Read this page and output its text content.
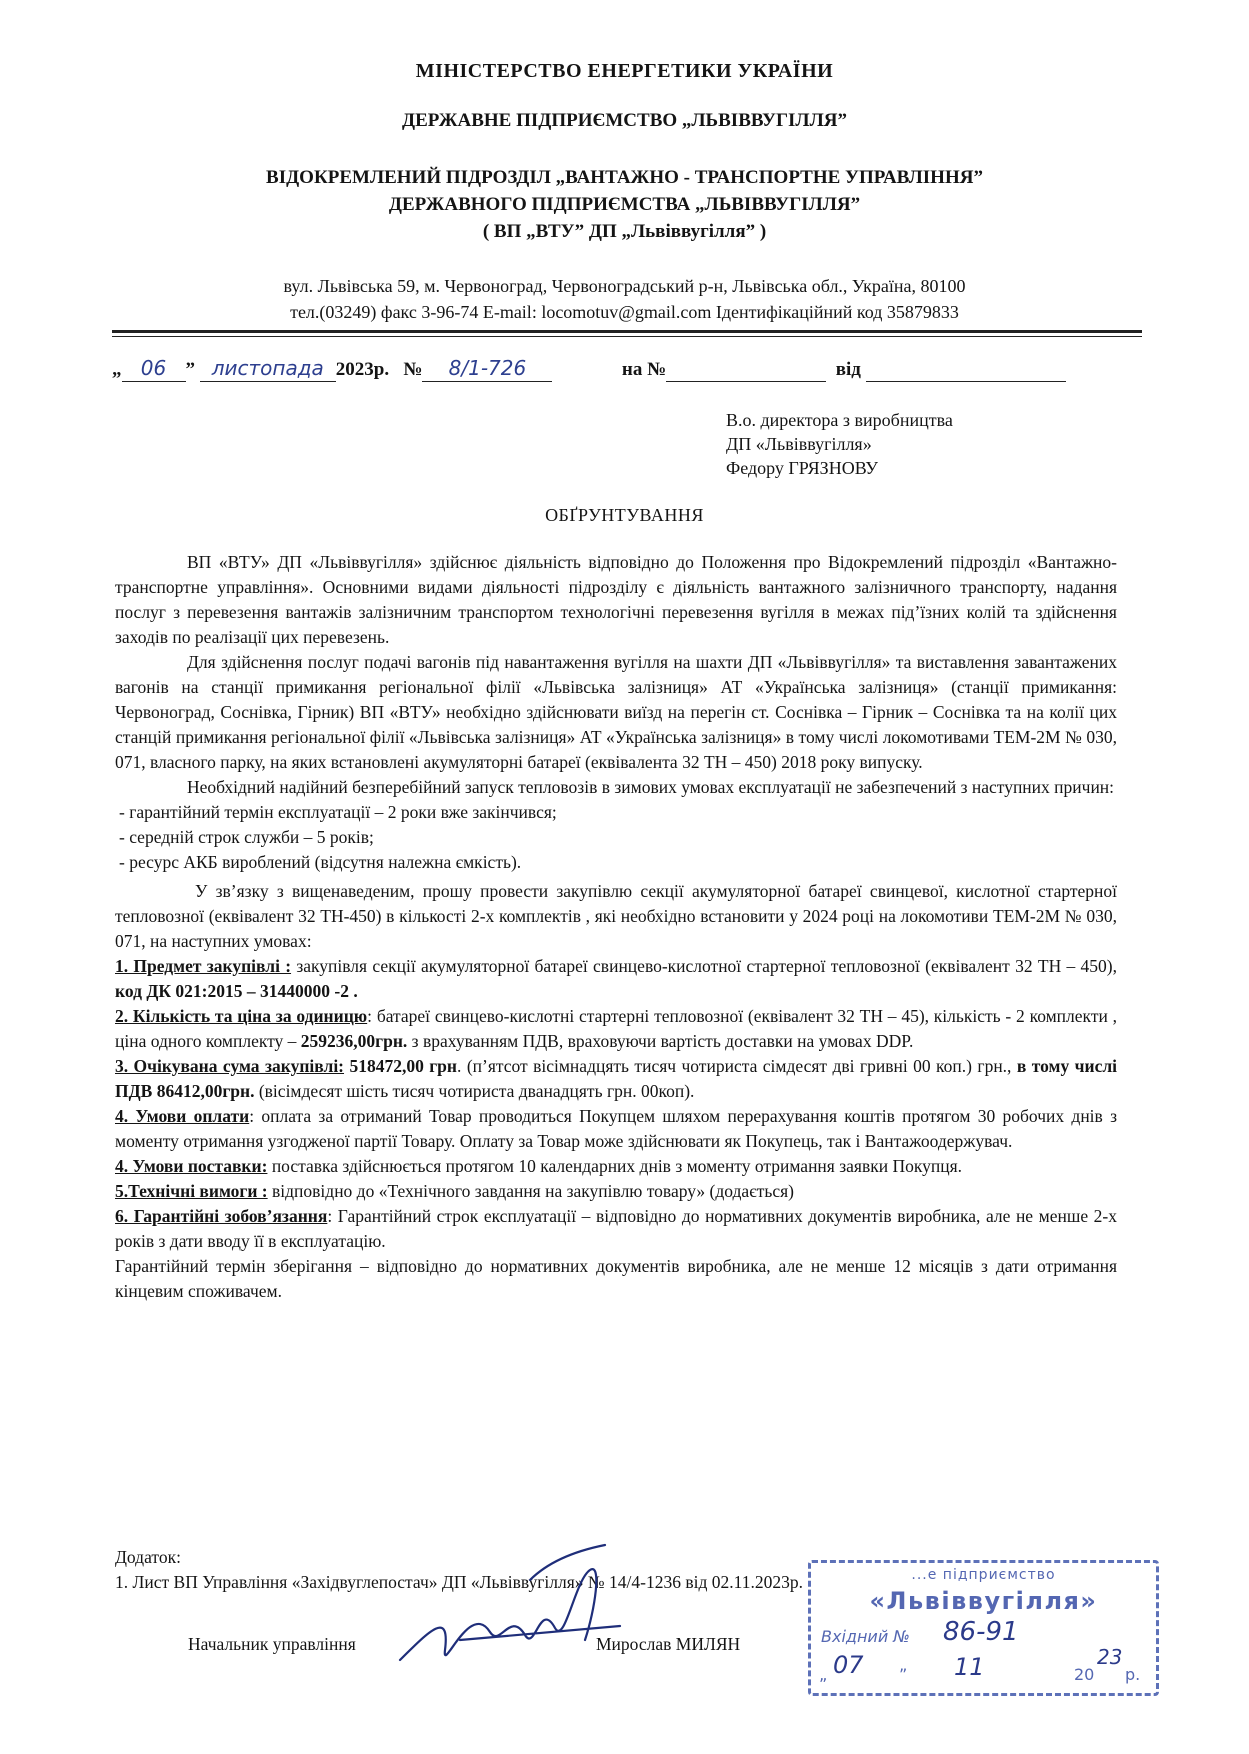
МІНІСТЕРСТВО ЕНЕРГЕТИКИ УКРАЇНИ
ДЕРЖАВНЕ ПІДПРИЄМСТВО „ЛЬВІВВУГІЛЛЯ”
ВІДОКРЕМЛЕНИЙ ПІДРОЗДІЛ „ВАНТАЖНО - ТРАНСПОРТНЕ УПРАВЛІННЯ”
ДЕРЖАВНОГО ПІДПРИЄМСТВА „ЛЬВІВВУГІЛЛЯ”
( ВП „ВТУ” ДП „Львіввугілля” )
вул. Львівська 59, м. Червоноград, Червоноградський р-н, Львівська обл., Україна, 80100
тел.(03249) факс 3-96-74 E-mail: locomotuv@gmail.com Ідентифікаційний код 35879833
„ 06 ” листопада 2023р. № 8/1-726	на №	від
В.о. директора з виробництва
ДП «Львіввугілля»
Федору ГРЯЗНОВУ
ОБҐРУНТУВАННЯ

ВП «ВТУ» ДП «Львіввугілля» здійснює діяльність відповідно до Положення про Відокремлений підрозділ «Вантажно-транспортне управління». Основними видами діяльності підрозділу є діяльність вантажного залізничного транспорту, надання послуг з перевезення вантажів залізничним транспортом технологічні перевезення вугілля в межах під’їзних колій та здійснення заходів по реалізації цих перевезень.

Для здійснення послуг подачі вагонів під навантаження вугілля на шахти ДП «Львіввугілля» та виставлення завантажених вагонів на станції примикання регіональної філії «Львівська залізниця» АТ «Українська залізниця» (станції примикання: Червоноград, Соснівка, Гірник) ВП «ВТУ» необхідно здійснювати виїзд на перегін ст. Соснівка – Гірник – Соснівка та на колії цих станцій примикання регіональної філії «Львівська залізниця» АТ «Українська залізниця» в тому числі локомотивами ТЕМ-2М № 030, 071, власного парку, на яких встановлені акумуляторні батареї (еквівалента 32 ТН – 450) 2018 року випуску.

Необхідний надійний безперебійний запуск тепловозів в зимових умовах експлуатації не забезпечений з наступних причин:

- гарантійний термін експлуатації – 2 роки вже закінчився;

- середній строк служби – 5 років;

- ресурс АКБ вироблений (відсутня належна ємкість).

У зв’язку з вищенаведеним, прошу провести закупівлю секції акумуляторної батареї свинцевої, кислотної стартерної тепловозної (еквівалент 32 ТН-450) в кількості 2-х комплектів , які необхідно встановити у 2024 році на локомотиви ТЕМ-2М № 030, 071, на наступних умовах:

1. Предмет закупівлі : закупівля секції акумуляторної батареї свинцево-кислотної стартерної тепловозної (еквівалент 32 ТН – 450), код ДК 021:2015 – 31440000 -2 .

2. Кількість та ціна за одиницю: батареї свинцево-кислотні стартерні тепловозної (еквівалент 32 ТН – 45), кількість - 2 комплекти , ціна одного комплекту – 259236,00грн. з врахуванням ПДВ, враховуючи вартість доставки на умовах DDP.

3. Очікувана сума закупівлі: 518472,00 грн. (п’ятсот вісімнадцять тисяч чотириста сімдесят дві гривні 00 коп.) грн., в тому числі ПДВ 86412,00грн. (вісімдесят шість тисяч чотириста дванадцять грн. 00коп).

4. Умови оплати: оплата за отриманий Товар проводиться Покупцем шляхом перерахування коштів протягом 30 робочих днів з моменту отримання узгодженої партії Товару. Оплату за Товар може здійснювати як Покупець, так і Вантажоодержувач.

4. Умови поставки: поставка здійснюється протягом 10 календарних днів з моменту отримання заявки Покупця.

5.Технічні вимоги : відповідно до «Технічного завдання на закупівлю товару» (додається)

6. Гарантійні зобов’язання: Гарантійний строк експлуатації – відповідно до нормативних документів виробника, але не менше 2-х років з дати вводу її в експлуатацію.

Гарантійний термін зберігання – відповідно до нормативних документів виробника, але не менше 12 місяців з дати отримання кінцевим споживачем.

Додаток:
1. Лист ВП Управління «Західвуглепостач» ДП «Львіввугілля» № 14/4-1236 від 02.11.2023р.
Начальник управління	Мирослав МИЛЯН
...е підприємство
«Львіввугілля»
Вхідний № 86-91
„ 07 ” 11	20
23
р.
